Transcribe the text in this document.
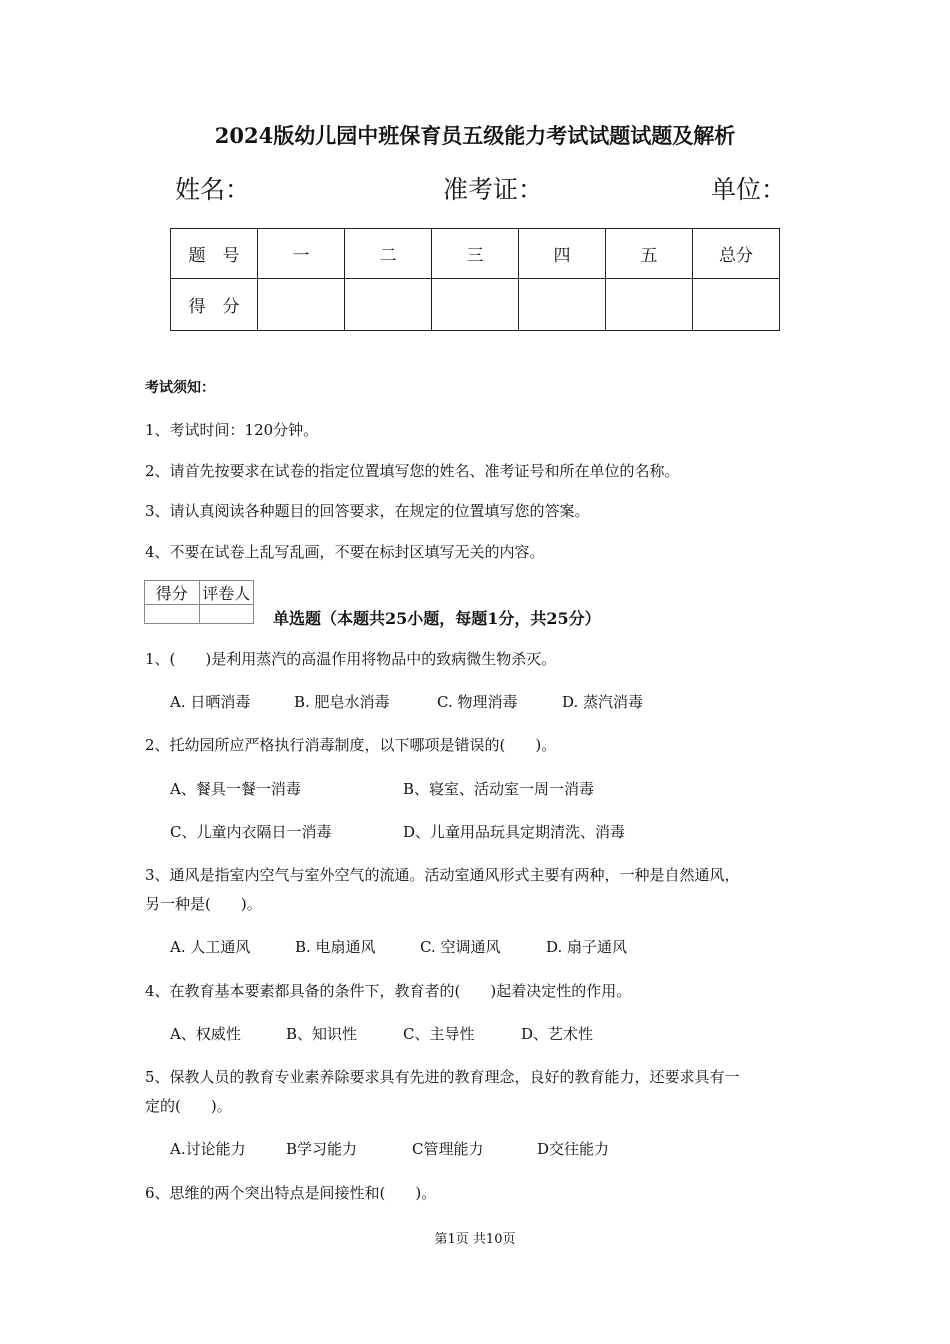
2024版幼儿园中班保育员五级能力考试试题试题及解析
姓名：	准考证：	单位：
题　号	一	二	三	四	五	总分
得　分						
考试须知：
1、考试时间：120分钟。
2、请首先按要求在试卷的指定位置填写您的姓名、准考证号和所在单位的名称。
3、请认真阅读各种题目的回答要求，在规定的位置填写您的答案。
4、不要在试卷上乱写乱画，不要在标封区填写无关的内容。
得分	评卷人

单选题（本题共25小题，每题1分，共25分）
1、(　　)是利用蒸汽的高温作用将物品中的致病微生物杀灭。
A. 日晒消毒	B. 肥皂水消毒	C. 物理消毒	D. 蒸汽消毒
2、托幼园所应严格执行消毒制度，以下哪项是错误的(　　)。
A、餐具一餐一消毒	B、寝室、活动室一周一消毒
C、儿童内衣隔日一消毒	D、儿童用品玩具定期清洗、消毒
3、通风是指室内空气与室外空气的流通。活动室通风形式主要有两种，一种是自然通风，
另一种是(　　)。
A. 人工通风	B. 电扇通风	C. 空调通风	D. 扇子通风
4、在教育基本要素都具备的条件下，教育者的(　　)起着决定性的作用。
A、权威性	B、知识性	C、主导性	D、艺术性
5、保教人员的教育专业素养除要求具有先进的教育理念，良好的教育能力，还要求具有一
定的(　　)。
A.讨论能力	B学习能力	C管理能力	D交往能力
6、思维的两个突出特点是间接性和(　　)。
第1页 共10页
